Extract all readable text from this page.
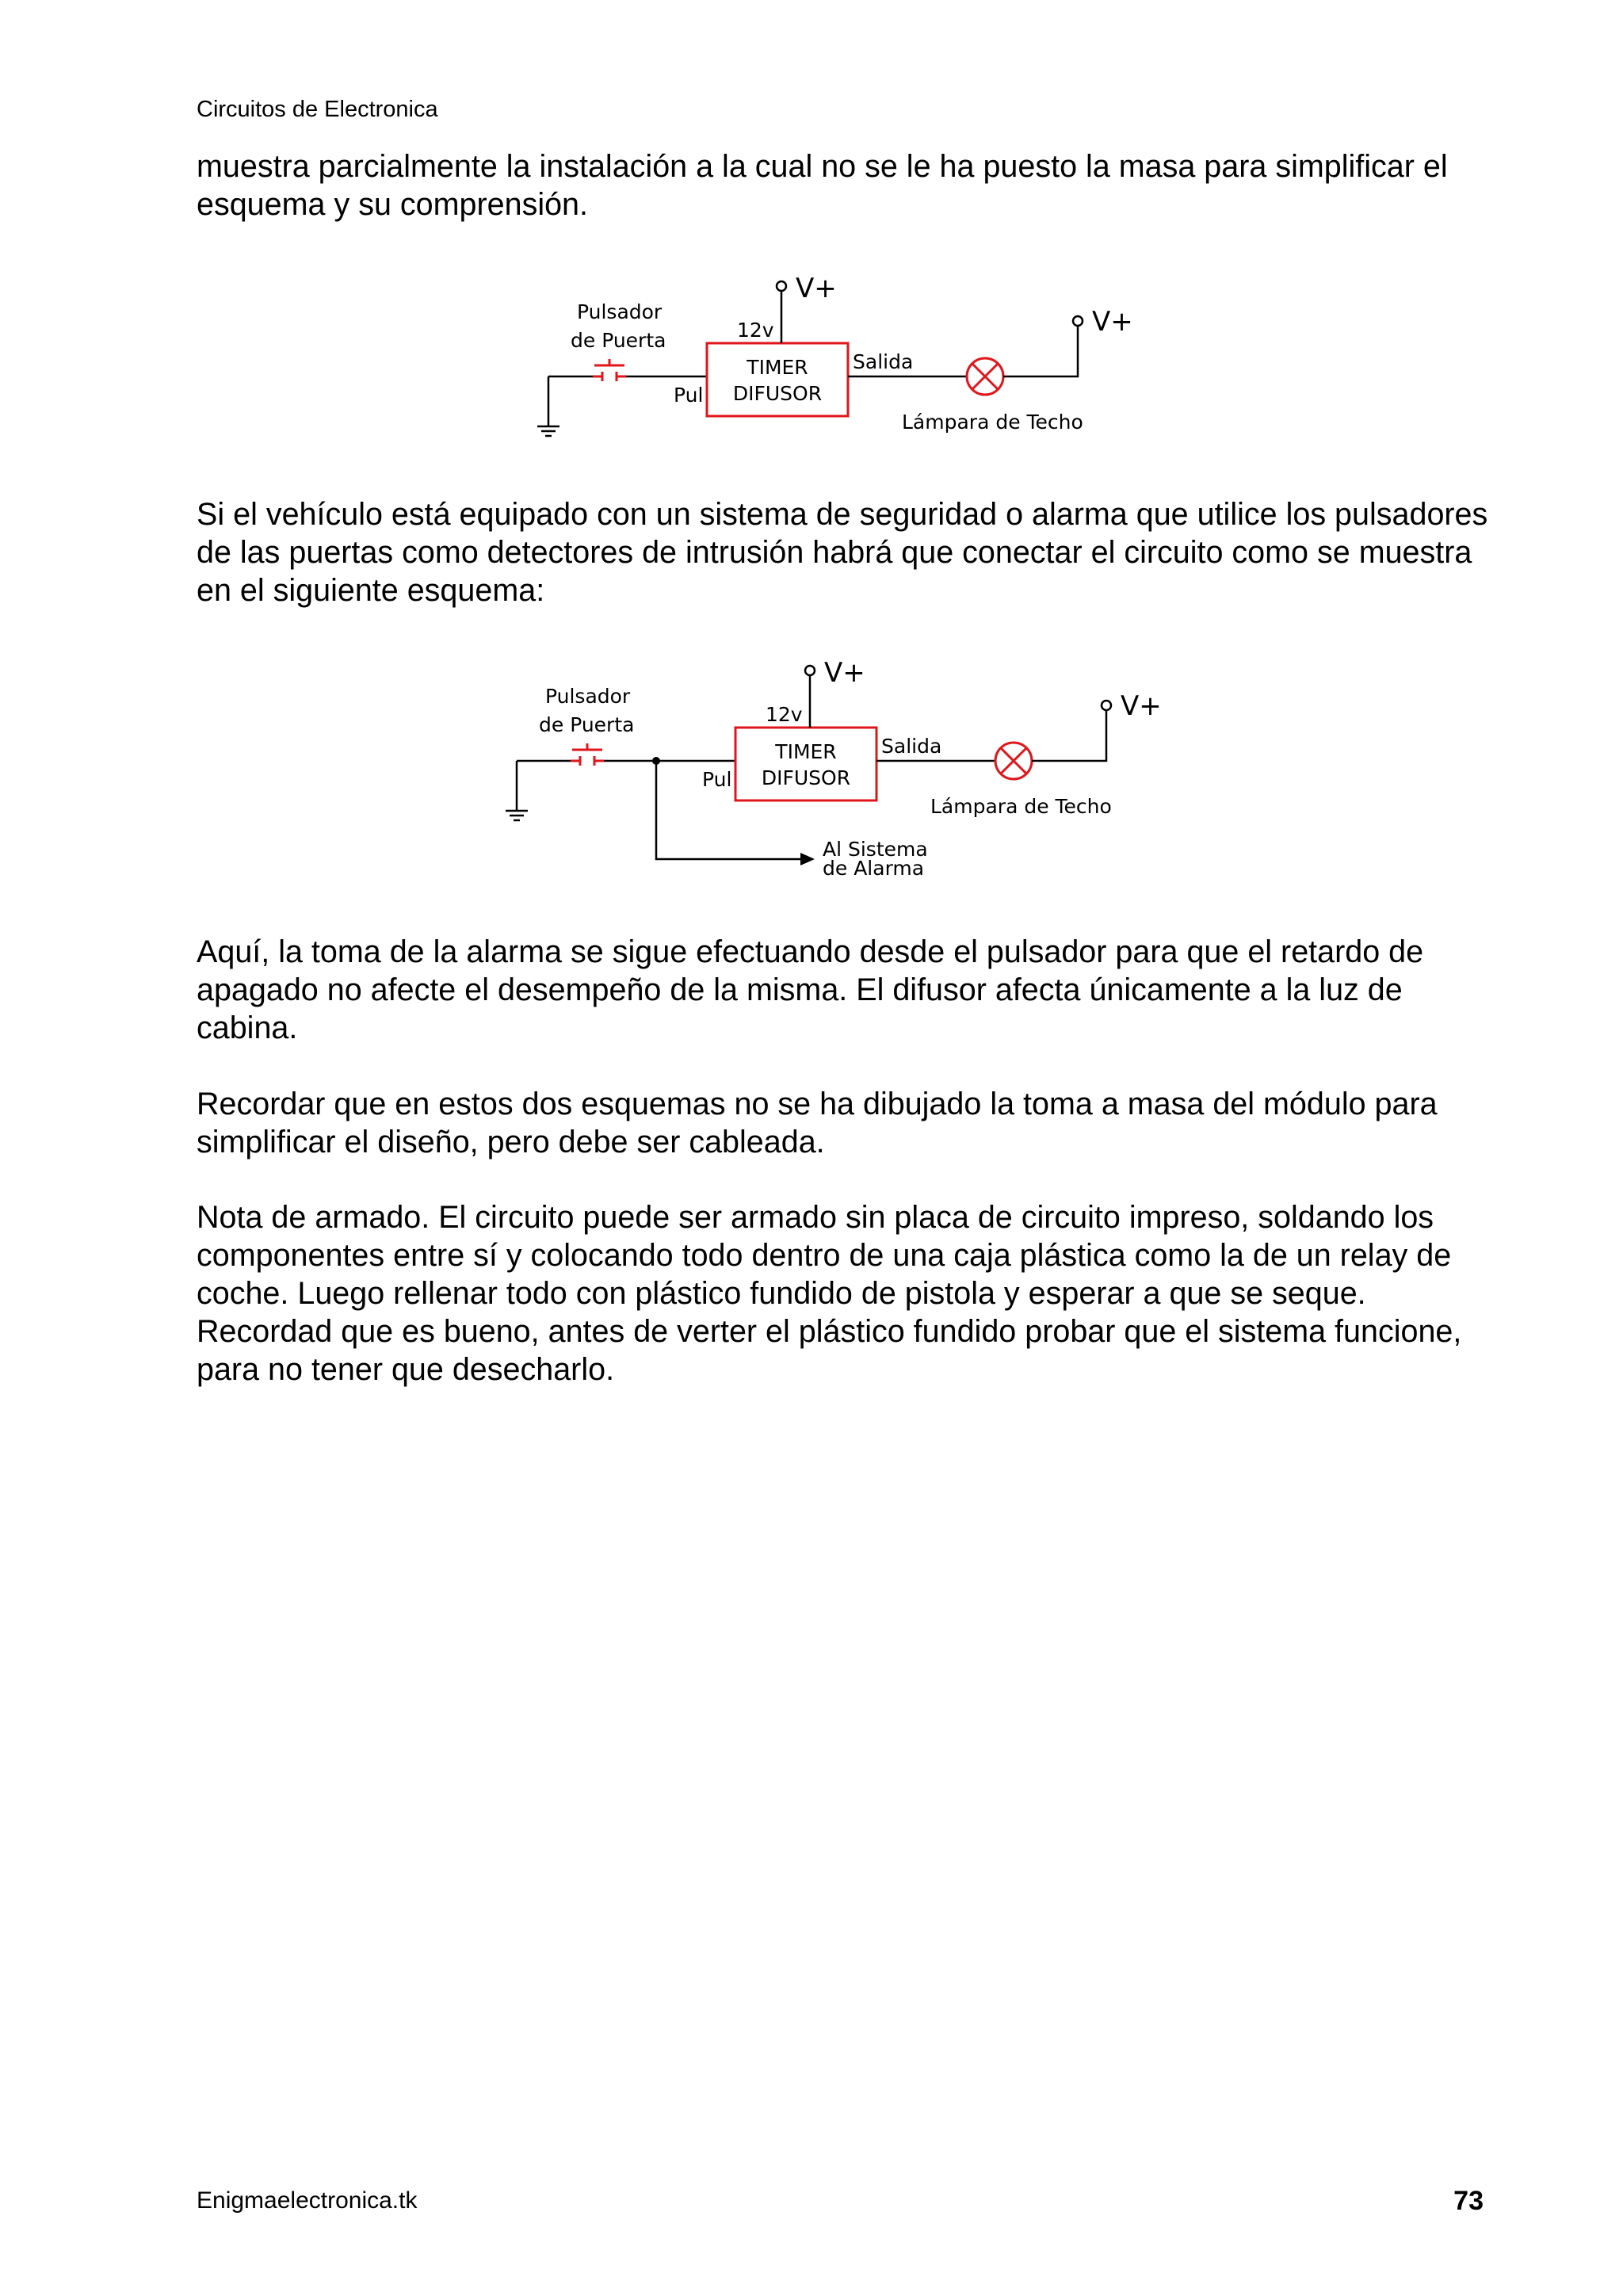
Circuitos de Electronica

muestra parcialmente la instalación a la cual no se le ha puesto la masa para simplificar el esquema y su comprensión.

Pulsador
de Puerta
Pul
TIMER
DIFUSOR
V+
12v
Salida
Lámpara de Techo
V+

Si el vehículo está equipado con un sistema de seguridad o alarma que utilice los pulsadores de las puertas como detectores de intrusión habrá que conectar el circuito como se muestra en el siguiente esquema:

Pulsador
de Puerta
Al Sistema
de Alarma
Pul
TIMER
DIFUSOR
V+
12v
Salida
Lámpara de Techo
V+

Aquí, la toma de la alarma se sigue efectuando desde el pulsador para que el retardo de apagado no afecte el desempeño de la misma. El difusor afecta únicamente a la luz de cabina.

Recordar que en estos dos esquemas no se ha dibujado la toma a masa del módulo para simplificar el diseño, pero debe ser cableada.

Nota de armado. El circuito puede ser armado sin placa de circuito impreso, soldando los componentes entre sí y colocando todo dentro de una caja plástica como la de un relay de coche. Luego rellenar todo con plástico fundido de pistola y esperar a que se seque. Recordad que es bueno, antes de verter el plástico fundido probar que el sistema funcione, para no tener que desecharlo.

Enigmaelectronica.tk	73
